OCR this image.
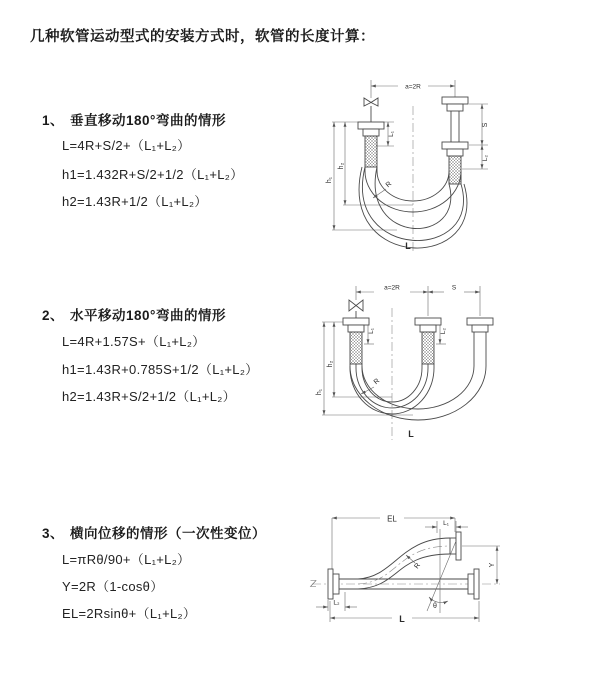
几种软管运动型式的安装方式时，软管的长度计算：
1、 垂直移动180°弯曲的情形
L=4R+S/2+（L₁+L₂）
h1=1.432R+S/2+1/2（L₁+L₂）
h2=1.43R+1/2（L₁+L₂）
2、 水平移动180°弯曲的情形
L=4R+1.57S+（L₁+L₂）
h1=1.43R+0.785S+1/2（L₁+L₂）
h2=1.43R+S/2+1/2（L₁+L₂）
3、 横向位移的情形（一次性变位）
L=πRθ/90+（L₁+L₂）
Y=2R（1-cosθ）
EL=2Rsinθ+（L₁+L₂）
a=2R
h₁
h₂
L₁
S
L₂
R
L
a=2R	S
h₁
h₂
L₁	L₂
R
L
EL	L₁
L₂
Y
θ
R
L
